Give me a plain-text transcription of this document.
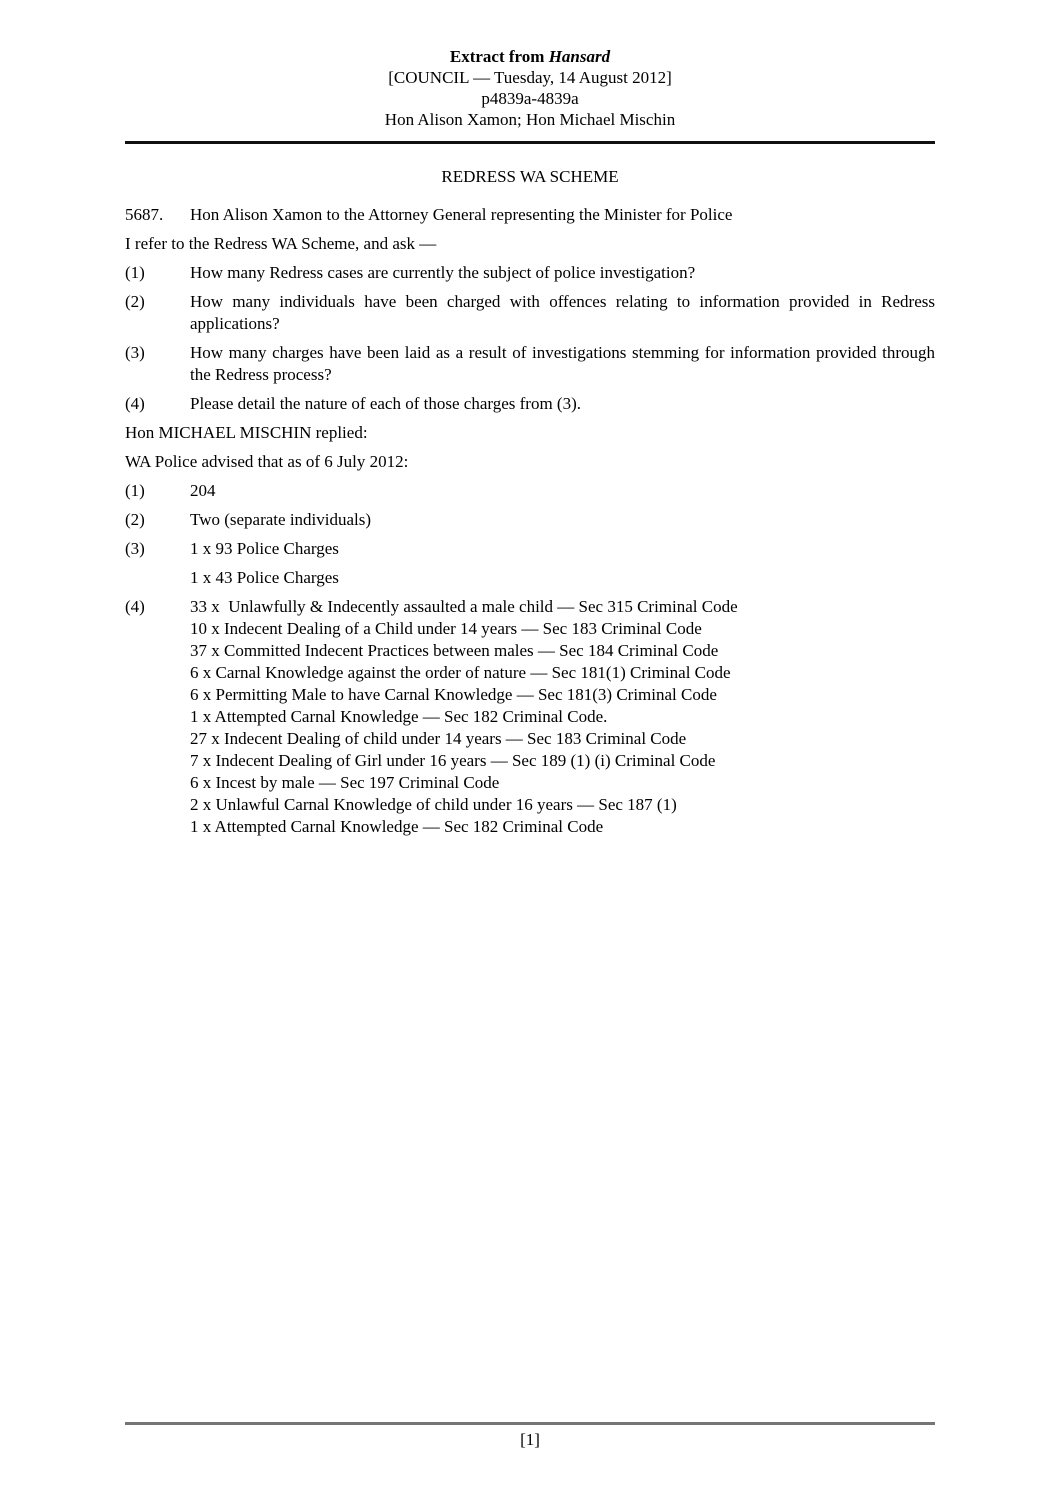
Extract from Hansard
[COUNCIL — Tuesday, 14 August 2012]
p4839a-4839a
Hon Alison Xamon; Hon Michael Mischin
REDRESS WA SCHEME
5687. Hon Alison Xamon to the Attorney General representing the Minister for Police
I refer to the Redress WA Scheme, and ask —
(1)	How many Redress cases are currently the subject of police investigation?
(2)	How many individuals have been charged with offences relating to information provided in Redress applications?
(3)	How many charges have been laid as a result of investigations stemming for information provided through the Redress process?
(4)	Please detail the nature of each of those charges from (3).
Hon MICHAEL MISCHIN replied:
WA Police advised that as of 6 July 2012:
(1)	204
(2)	Two (separate individuals)
(3)	1 x 93 Police Charges
1 x 43 Police Charges
(4)	33 x  Unlawfully & Indecently assaulted a male child — Sec 315 Criminal Code
10 x Indecent Dealing of a Child under 14 years — Sec 183 Criminal Code
37 x Committed Indecent Practices between males — Sec 184 Criminal Code
6 x Carnal Knowledge against the order of nature — Sec 181(1) Criminal Code
6 x Permitting Male to have Carnal Knowledge — Sec 181(3) Criminal Code
1 x Attempted Carnal Knowledge — Sec 182 Criminal Code.
27 x Indecent Dealing of child under 14 years — Sec 183 Criminal Code
7 x Indecent Dealing of Girl under 16 years — Sec 189 (1) (i) Criminal Code
6 x Incest by male — Sec 197 Criminal Code
2 x Unlawful Carnal Knowledge of child under 16 years — Sec 187 (1)
1 x Attempted Carnal Knowledge — Sec 182 Criminal Code
[1]
